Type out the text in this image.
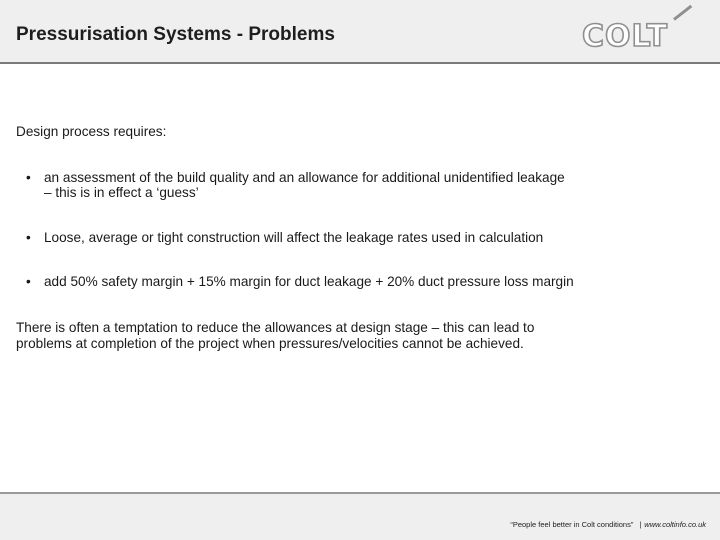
Pressurisation Systems - Problems	COLT

Design process requires:

• an assessment of the build quality and an allowance for additional unidentified leakage – this is in effect a ‘guess’
• Loose, average or tight construction will affect the leakage rates used in calculation
• add 50% safety margin + 15% margin for duct leakage + 20% duct pressure loss margin

There is often a temptation to reduce the allowances at design stage – this can lead to problems at completion of the project when pressures/velocities cannot be achieved.

“People feel better in Colt conditions” | www.coltinfo.co.uk
